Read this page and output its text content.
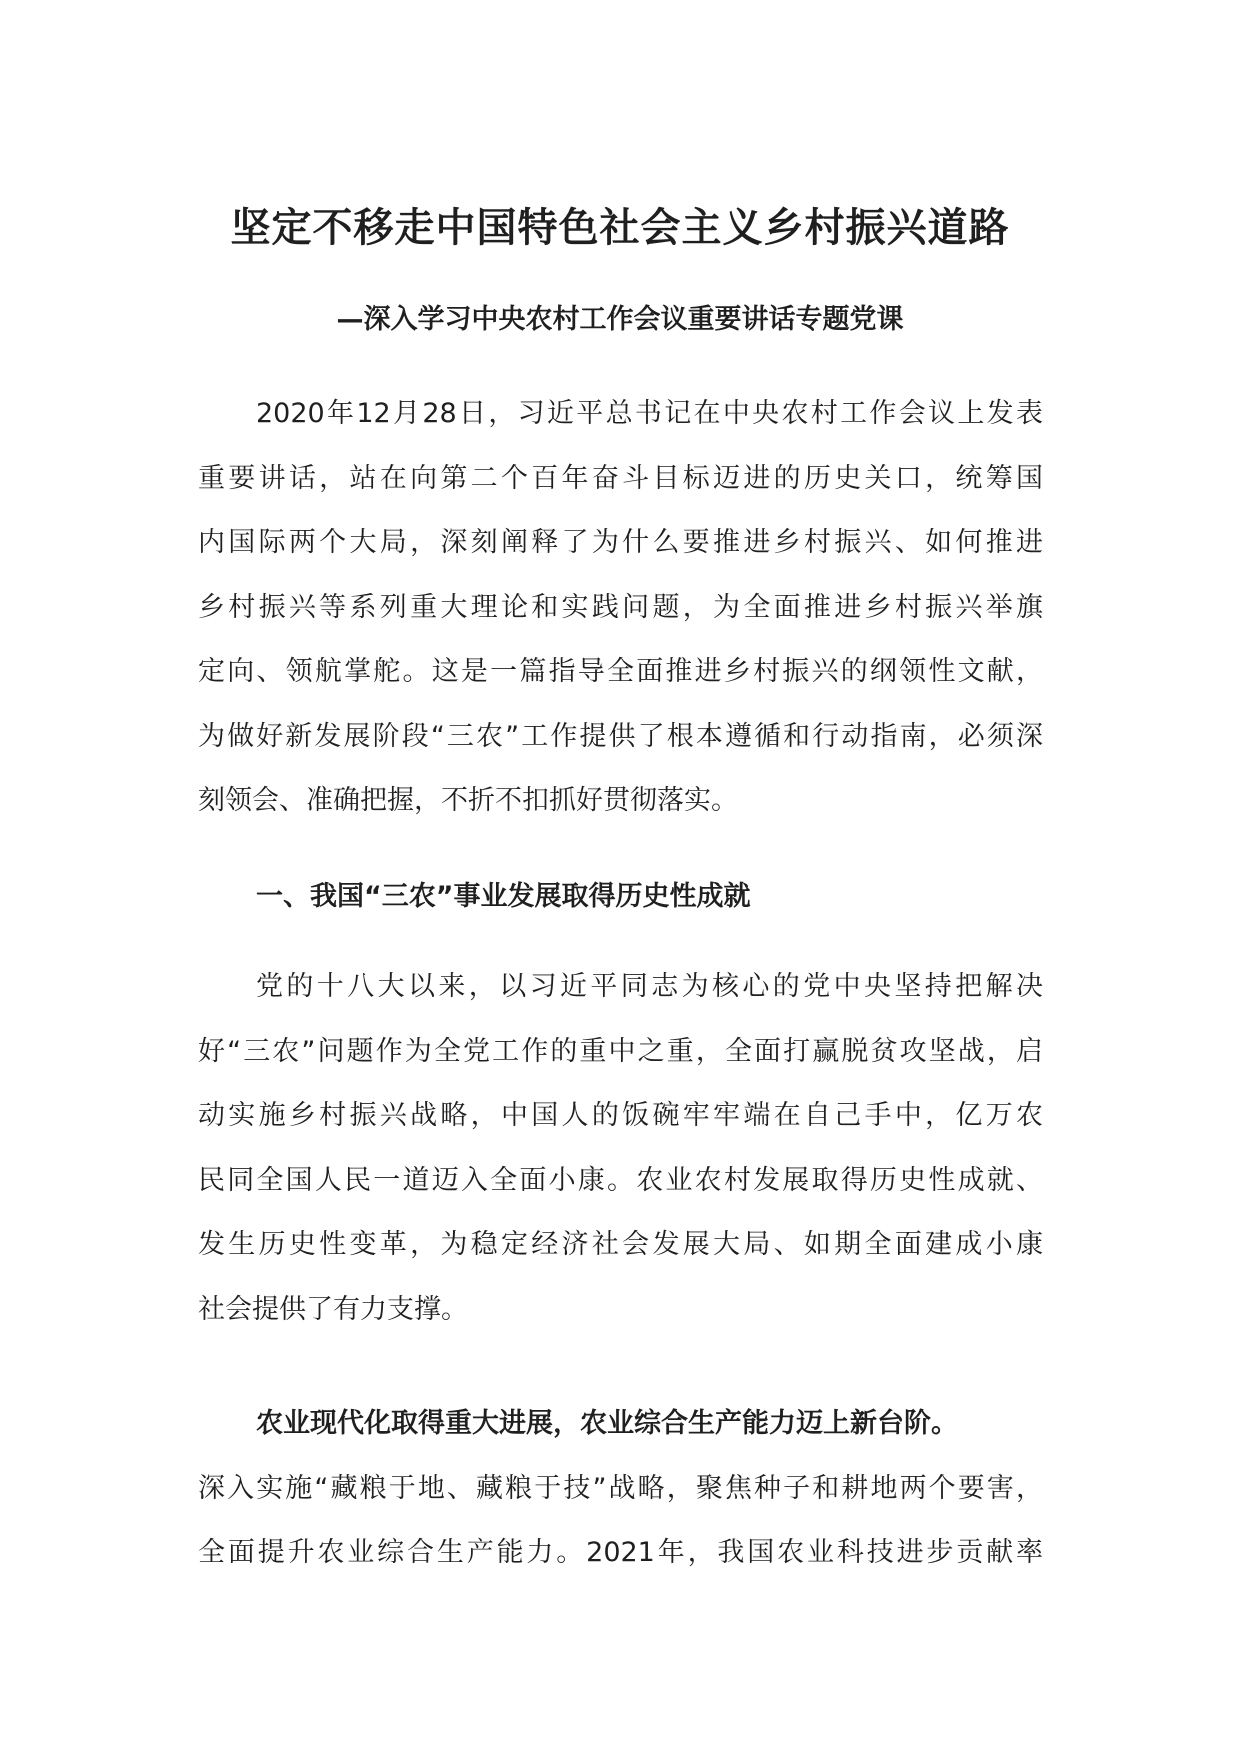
坚定不移走中国特色社会主义乡村振兴道路
—深入学习中央农村工作会议重要讲话专题党课
2020年12月28日，习近平总书记在中央农村工作会议上发表
重要讲话，站在向第二个百年奋斗目标迈进的历史关口，统筹国
内国际两个大局，深刻阐释了为什么要推进乡村振兴、如何推进
乡村振兴等系列重大理论和实践问题，为全面推进乡村振兴举旗
定向、领航掌舵。这是一篇指导全面推进乡村振兴的纲领性文献，
为做好新发展阶段“三农”工作提供了根本遵循和行动指南，必须深
刻领会、准确把握，不折不扣抓好贯彻落实。
一、我国“三农”事业发展取得历史性成就
党的十八大以来，以习近平同志为核心的党中央坚持把解决
好“三农”问题作为全党工作的重中之重，全面打赢脱贫攻坚战，启
动实施乡村振兴战略，中国人的饭碗牢牢端在自己手中，亿万农
民同全国人民一道迈入全面小康。农业农村发展取得历史性成就、
发生历史性变革，为稳定经济社会发展大局、如期全面建成小康
社会提供了有力支撑。
农业现代化取得重大进展，农业综合生产能力迈上新台阶。
深入实施“藏粮于地、藏粮于技”战略，聚焦种子和耕地两个要害，
全面提升农业综合生产能力。2021年，我国农业科技进步贡献率
